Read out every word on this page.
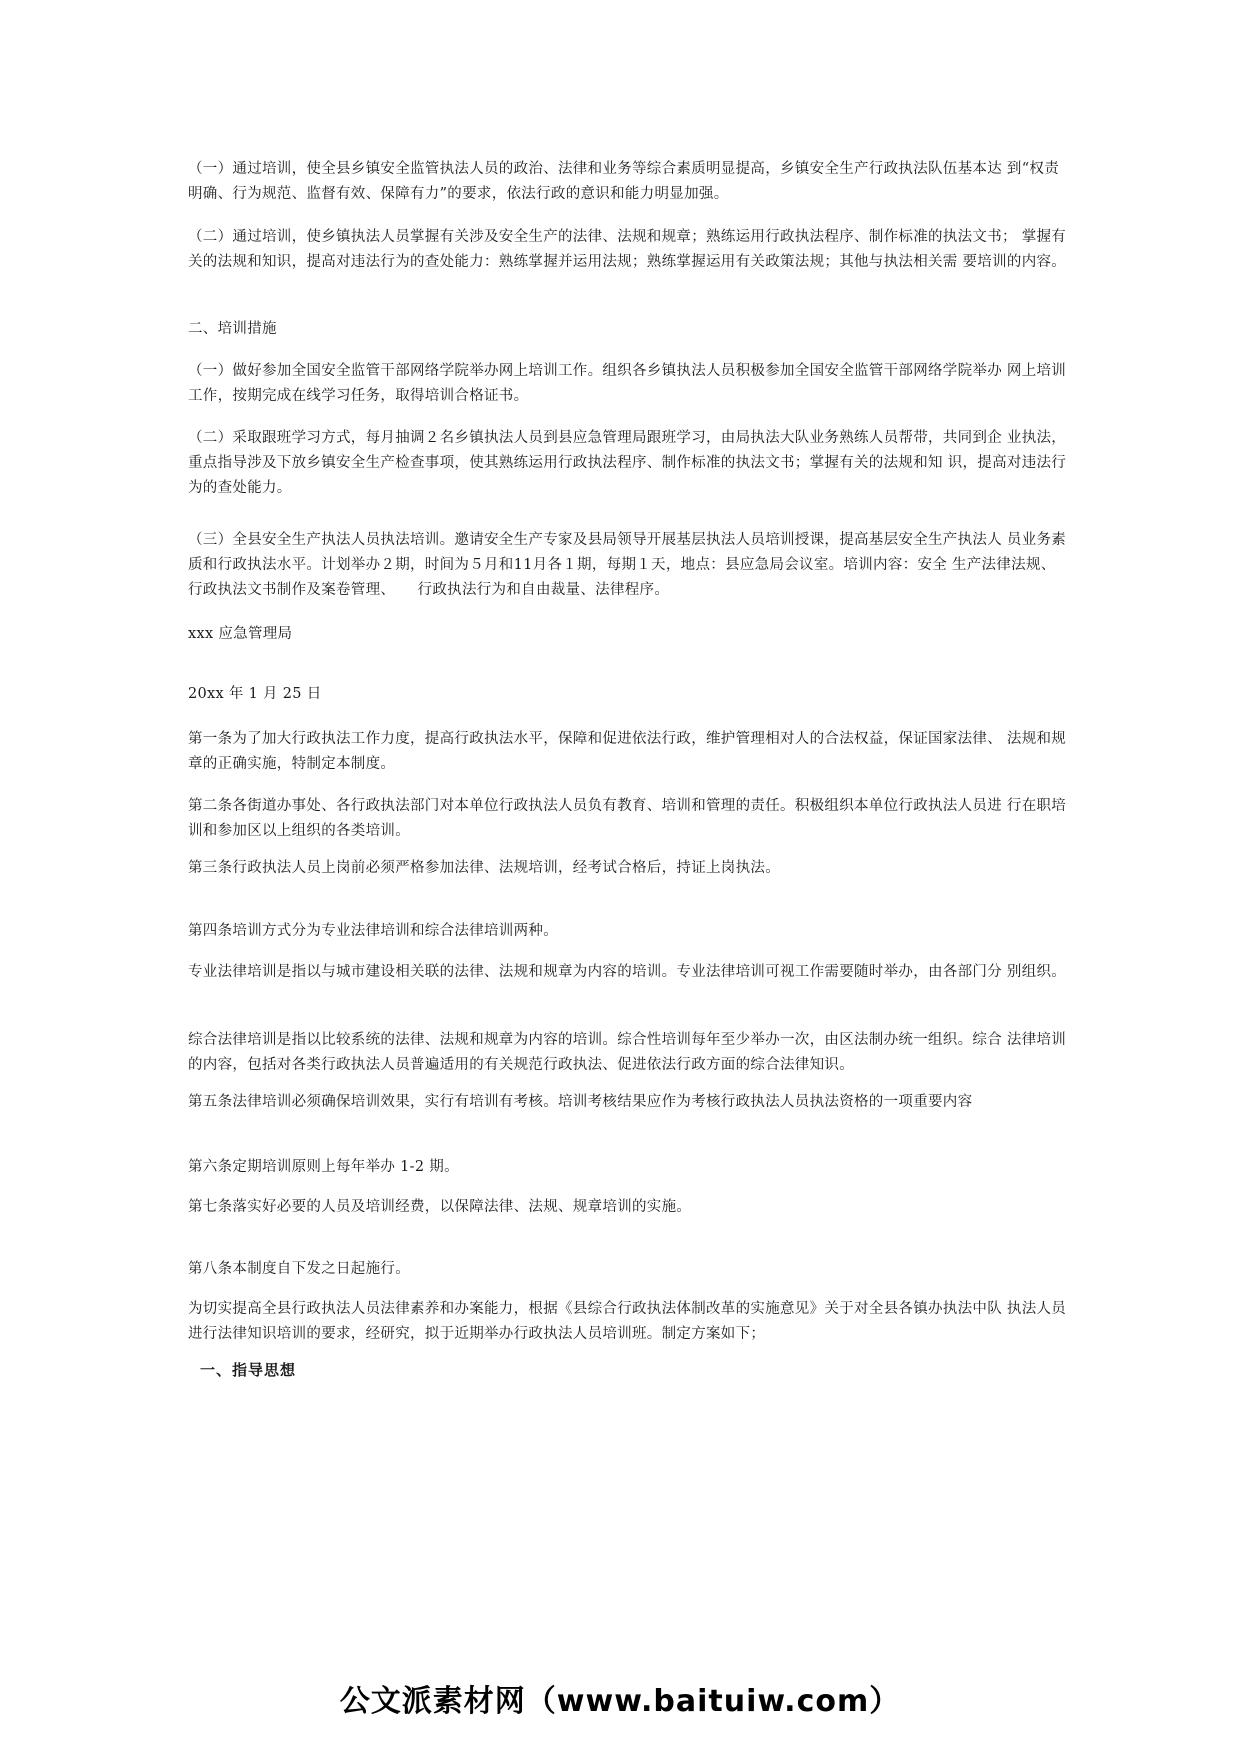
（一）通过培训，使全县乡镇安全监管执法人员的政治、法律和业务等综合素质明显提高，乡镇安全生产行政执法队伍基本达 到“权责明确、行为规范、监督有效、保障有力”的要求，依法行政的意识和能力明显加强。
（二）通过培训，使乡镇执法人员掌握有关涉及安全生产的法律、法规和规章；熟练运用行政执法程序、制作标准的执法文书； 掌握有关的法规和知识，提高对违法行为的查处能力：熟练掌握并运用法规；熟练掌握运用有关政策法规；其他与执法相关需 要培训的内容。
二、培训措施
（一）做好参加全国安全监管干部网络学院举办网上培训工作。组织各乡镇执法人员积极参加全国安全监管干部网络学院举办 网上培训工作，按期完成在线学习任务，取得培训合格证书。
（二）采取跟班学习方式，每月抽调２名乡镇执法人员到县应急管理局跟班学习，由局执法大队业务熟练人员帮带，共同到企 业执法，重点指导涉及下放乡镇安全生产检查事项，使其熟练运用行政执法程序、制作标准的执法文书；掌握有关的法规和知 识，提高对违法行为的查处能力。
（三）全县安全生产执法人员执法培训。邀请安全生产专家及县局领导开展基层执法人员培训授课，提高基层安全生产执法人 员业务素质和行政执法水平。计划举办２期，时间为５月和11月各１期，每期１天，地点：县应急局会议室。培训内容：安全 生产法律法规、行政执法文书制作及案卷管理、　　行政执法行为和自由裁量、法律程序。
xxx 应急管理局
20xx 年 1 月 25 日
第一条为了加大行政执法工作力度，提高行政执法水平，保障和促进依法行政，维护管理相对人的合法权益，保证国家法律、 法规和规章的正确实施，特制定本制度。
第二条各街道办事处、各行政执法部门对本单位行政执法人员负有教育、培训和管理的责任。积极组织本单位行政执法人员进 行在职培训和参加区以上组织的各类培训。
第三条行政执法人员上岗前必须严格参加法律、法规培训，经考试合格后，持证上岗执法。
第四条培训方式分为专业法律培训和综合法律培训两种。
专业法律培训是指以与城市建设相关联的法律、法规和规章为内容的培训。专业法律培训可视工作需要随时举办，由各部门分 别组织。
综合法律培训是指以比较系统的法律、法规和规章为内容的培训。综合性培训每年至少举办一次，由区法制办统一组织。综合 法律培训的内容，包括对各类行政执法人员普遍适用的有关规范行政执法、促进依法行政方面的综合法律知识。
第五条法律培训必须确保培训效果，实行有培训有考核。培训考核结果应作为考核行政执法人员执法资格的一项重要内容
第六条定期培训原则上每年举办 1-2 期。
第七条落实好必要的人员及培训经费，以保障法律、法规、规章培训的实施。
第八条本制度自下发之日起施行。
为切实提高全县行政执法人员法律素养和办案能力，根据《县综合行政执法体制改革的实施意见》关于对全县各镇办执法中队 执法人员进行法律知识培训的要求，经研究，拟于近期举办行政执法人员培训班。制定方案如下；
一、指导思想
公文派素材网（www.baituiw.com）
